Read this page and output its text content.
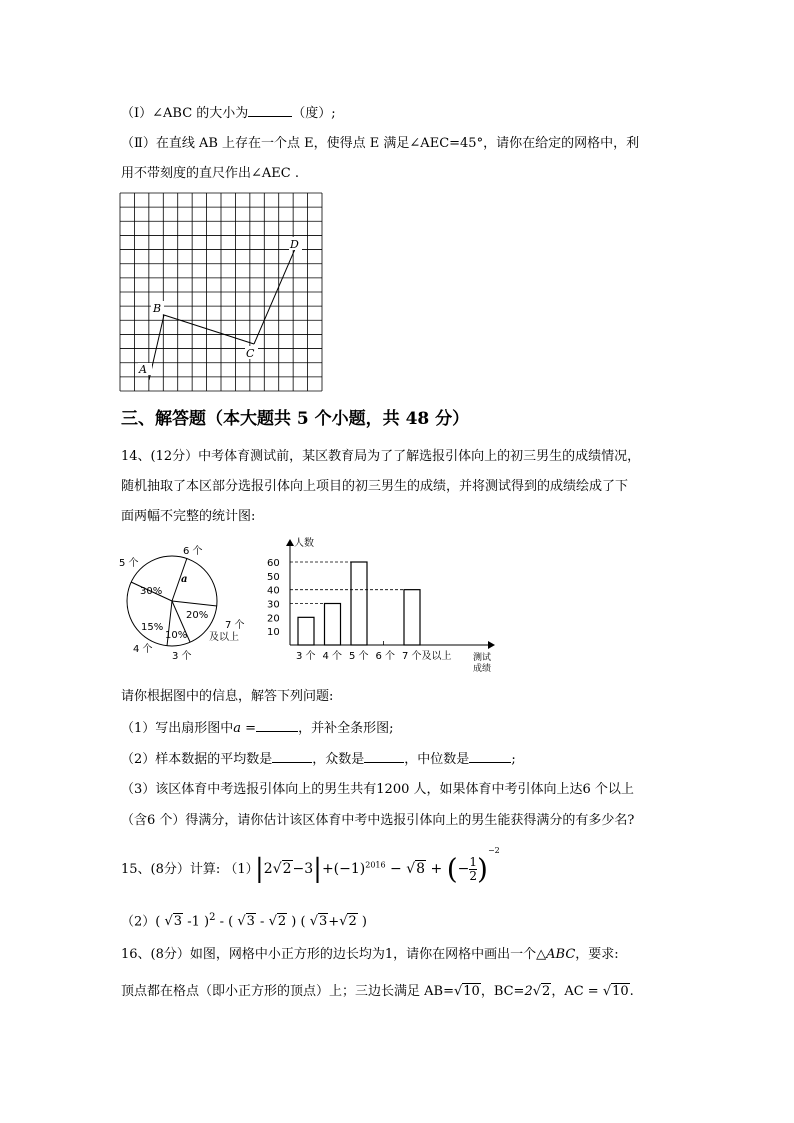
（Ⅰ）∠ABC 的大小为	（度）;
（Ⅱ）在直线 AB 上存在一个点 E，使得点 E 满足∠AEC=45°，请你在给定的网格中，利
用不带刻度的直尺作出∠AEC .
A
B
C
D
三、解答题（本大题共 5 个小题，共 48 分）
14、(12分）中考体育测试前，某区教育局为了了解选报引体向上的初三男生的成绩情况，
随机抽取了本区部分选报引体向上项目的初三男生的成绩，并将测试得到的成绩绘成了下
面两幅不完整的统计图:
30%
a
20%
10%
15%
5 个
6 个
7 个
及以上
3 个
4 个
人数
测试
成绩
10
20
30
40
50
60
3 个 4 个 5 个 6 个 7 个及以上
请你根据图中的信息，解答下列问题:
（1）写出扇形图中a =	，并补全条形图;
（2）样本数据的平均数是	，众数是	，中位数是	;
（3）该区体育中考选报引体向上的男生共有1200 人，如果体育中考引体向上达6 个以上
（含6 个）得满分，请你估计该区体育中考中选报引体向上的男生能获得满分的有多少名?
15、(8分）计算: （1）
$|2√2-3|+(-1)^{2016} - √8$ + (− $\frac{1}{2} )^{-2}$
（2）( √3 -1 )$^2$ - ( √3 - √2 ) ( √3+√2 )
16、(8分）如图，网格中小正方形的边长均为1，请你在网格中画出一个△ABC，要求:
顶点都在格点（即小正方形的顶点）上；三边长满足 AB=√10，BC=2√2，AC = √10.
